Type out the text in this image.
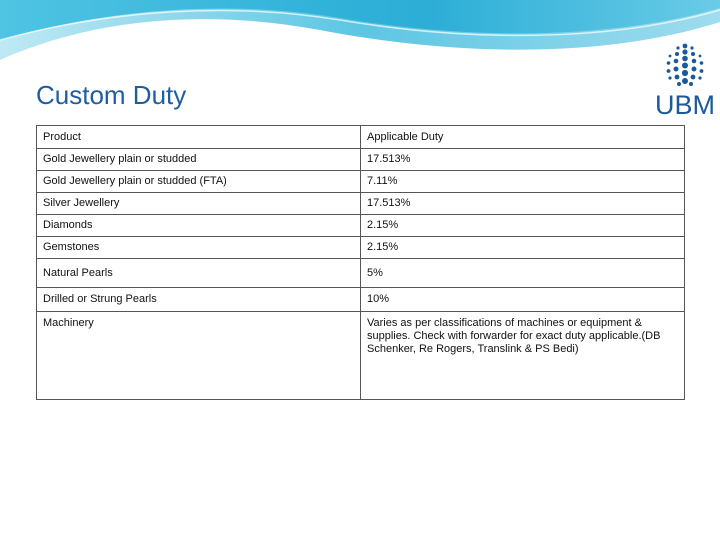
Custom Duty	UBM
Product	Applicable Duty
Gold Jewellery plain or studded	17.513%
Gold Jewellery plain or studded (FTA)	7.11%
Silver Jewellery	17.513%
Diamonds	2.15%
Gemstones	2.15%
Natural Pearls	5%
Drilled or Strung Pearls	10%
Machinery	Varies as per classifications of machines or equipment & supplies. Check with forwarder for exact duty applicable.(DB Schenker, Re Rogers, Translink & PS Bedi)
